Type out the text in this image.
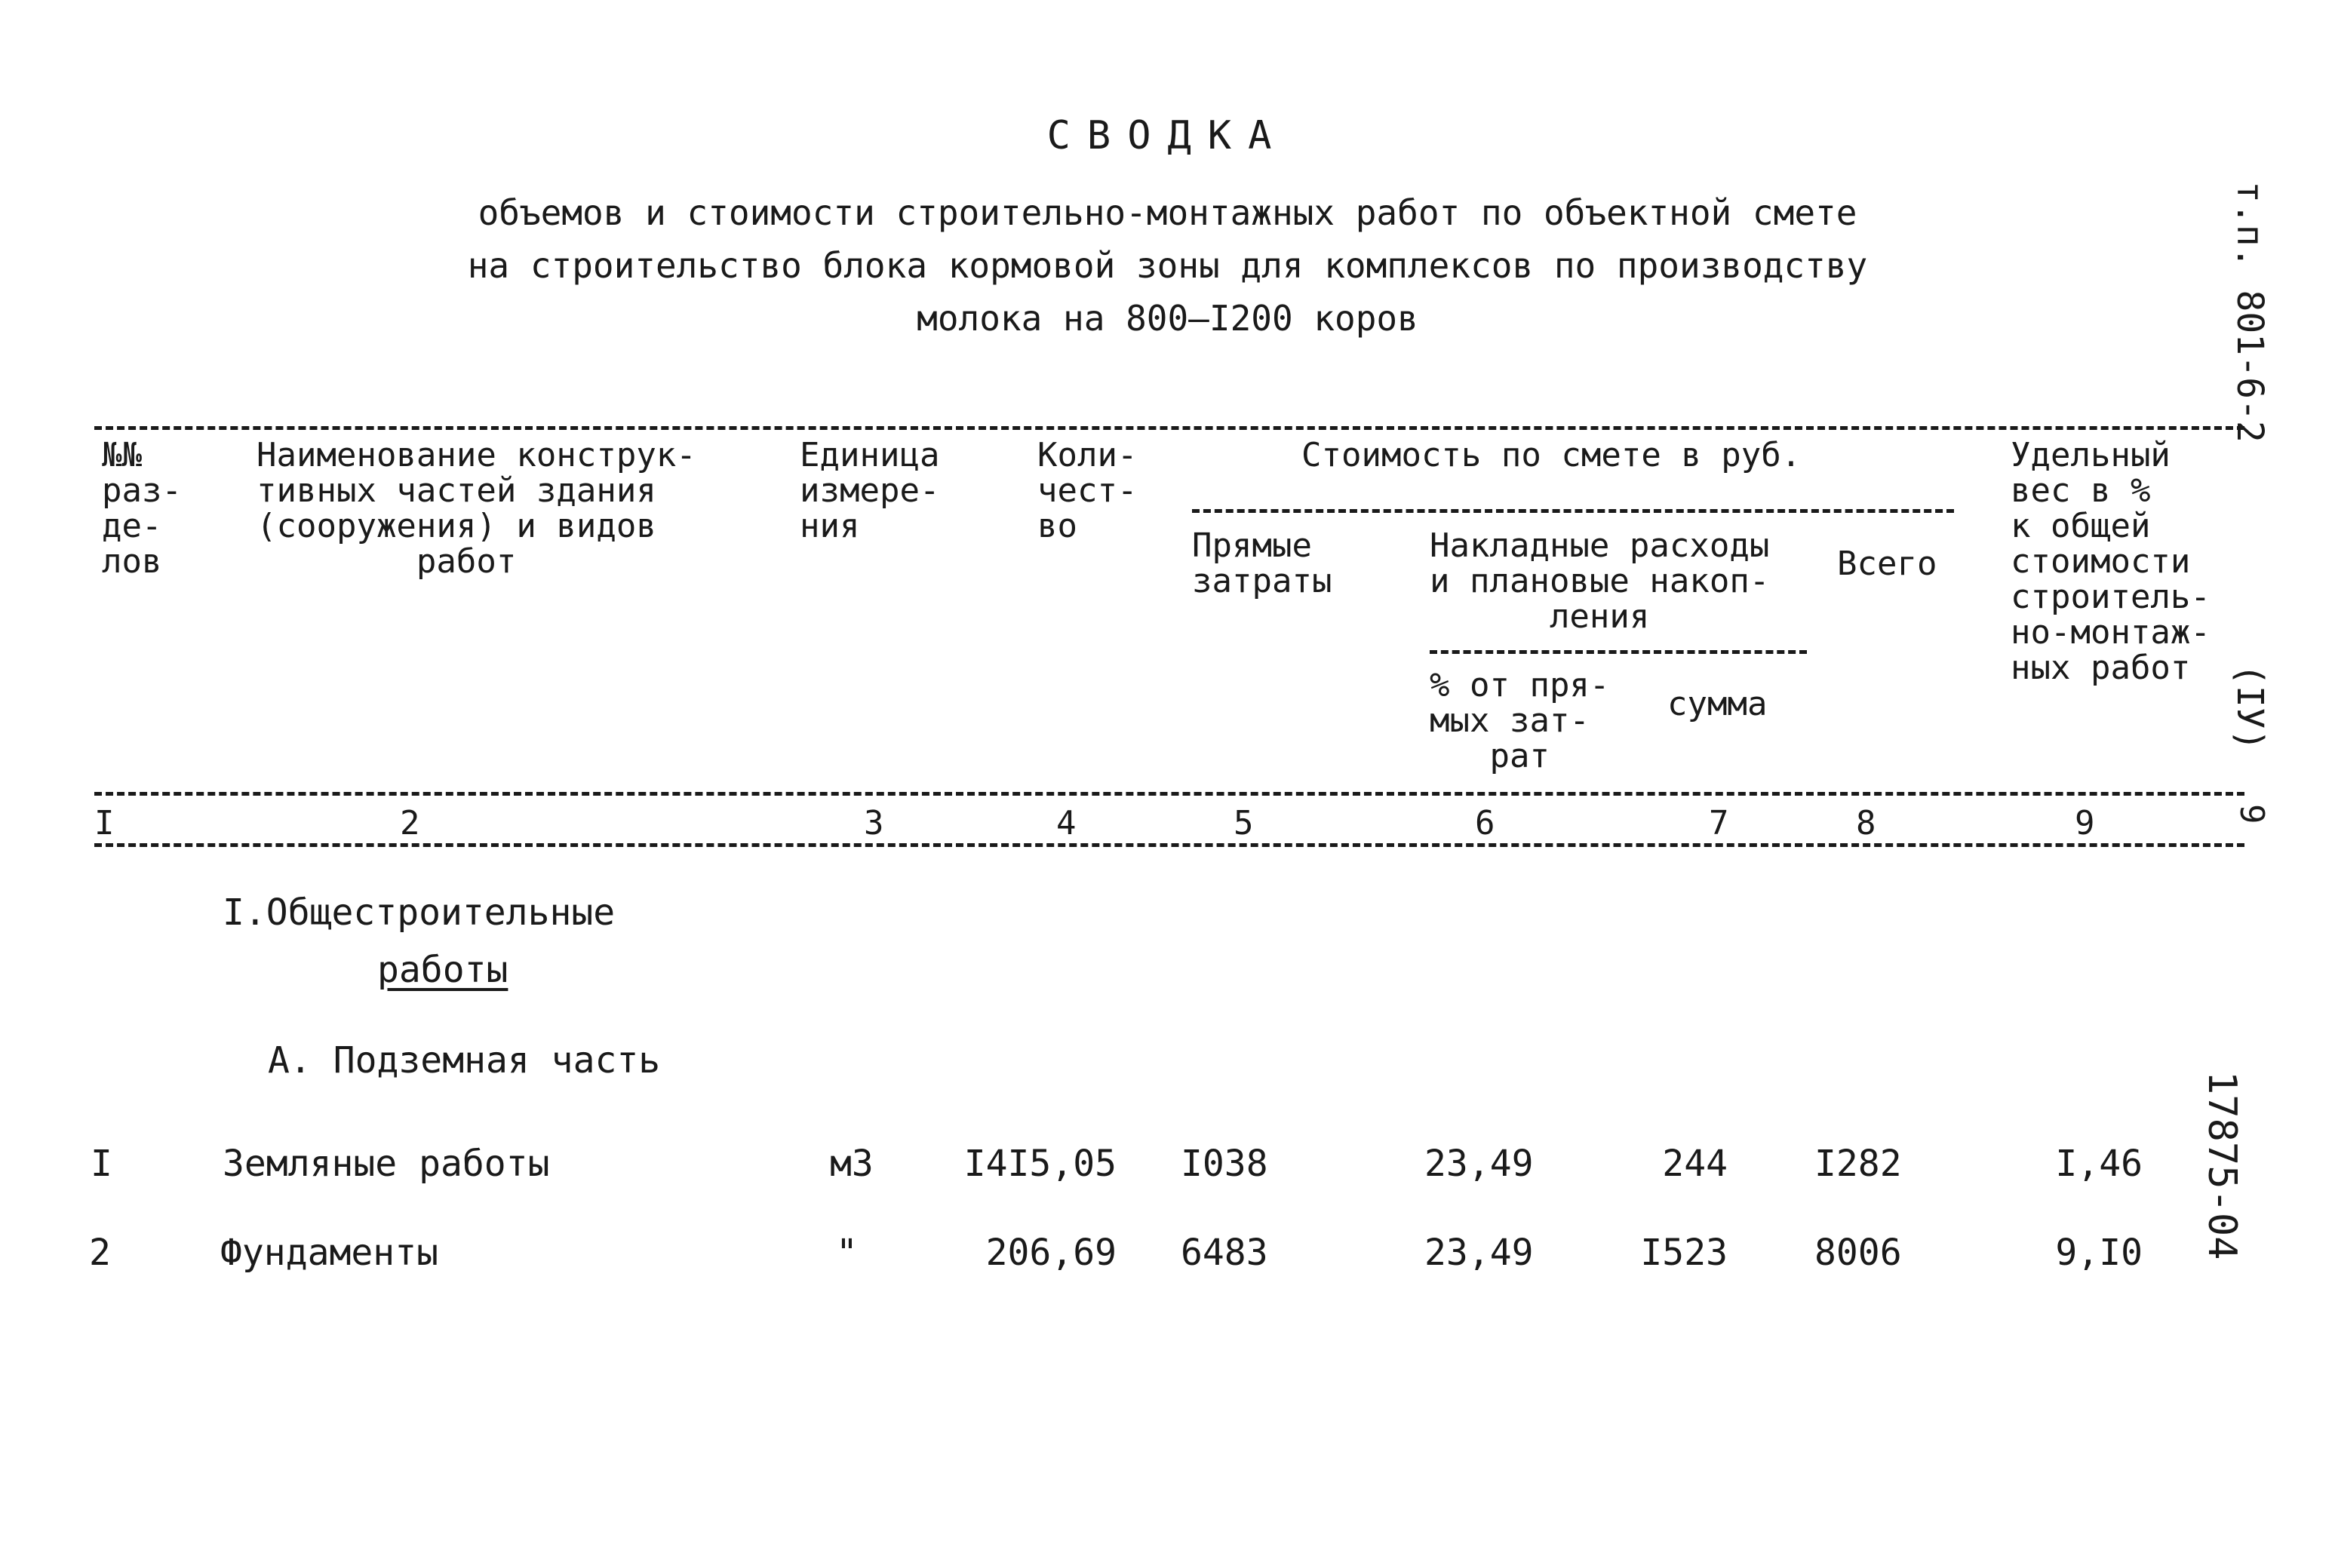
СВОДКА
объемов и стоимости строительно-монтажных работ по объектной смете
на строительство блока кормовой зоны для комплексов по производству
молока на 800–I200 коров
№№
раз-
де-
лов
Наименование конструк-
тивных частей здания
(сооружения) и видов
работ
Единица
измере-
ния
Коли-
чест-
во
Стоимость по смете в руб.	Удельный
вес в %
к общей
стоимости
строитель-
но-монтаж-
ных работ
Прямые
затраты
Накладные расходы
и плановые накоп-
ления
Всего
% от пря-
мых зат-
рат
сумма
I	2	3	4	5	6	7	8	9
I.Общестроительные
работы
А. Подземная часть
I	Земляные работы	м3	I4I5,05 I038	23,49	244 I282	I,46
2	Фундаменты	"	206,69 6483	23,49	I523 8006	9,I0
т.п. 801-6-2
(IУ)
9
17875-04
